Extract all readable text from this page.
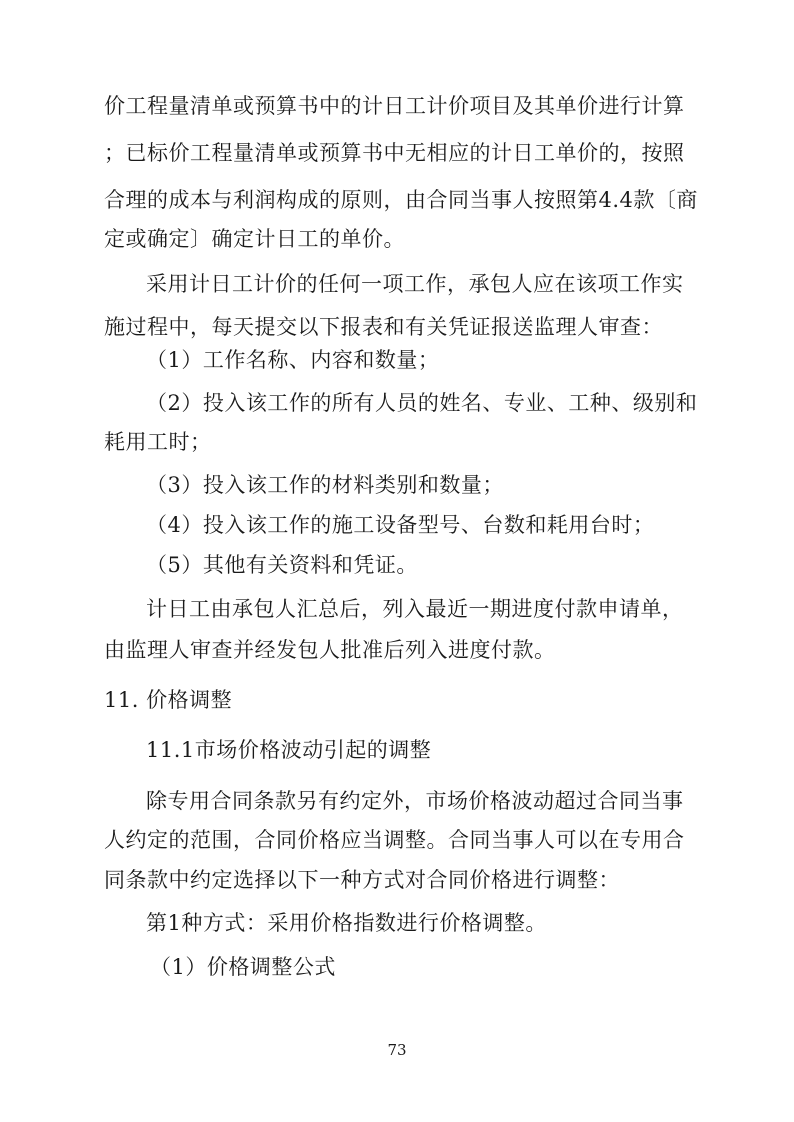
价工程量清单或预算书中的计日工计价项目及其单价进行计算
；已标价工程量清单或预算书中无相应的计日工单价的，按照
合理的成本与利润构成的原则，由合同当事人按照第4.4款〔商
定或确定〕确定计日工的单价。
采用计日工计价的任何一项工作，承包人应在该项工作实
施过程中，每天提交以下报表和有关凭证报送监理人审查：
（1）工作名称、内容和数量；
（2）投入该工作的所有人员的姓名、专业、工种、级别和
耗用工时；
（3）投入该工作的材料类别和数量；
（4）投入该工作的施工设备型号、台数和耗用台时；
（5）其他有关资料和凭证。
计日工由承包人汇总后，列入最近一期进度付款申请单，
由监理人审查并经发包人批准后列入进度付款。
11. 价格调整
11.1市场价格波动引起的调整
除专用合同条款另有约定外，市场价格波动超过合同当事
人约定的范围，合同价格应当调整。合同当事人可以在专用合
同条款中约定选择以下一种方式对合同价格进行调整：
第1种方式：采用价格指数进行价格调整。
（1）价格调整公式
73
